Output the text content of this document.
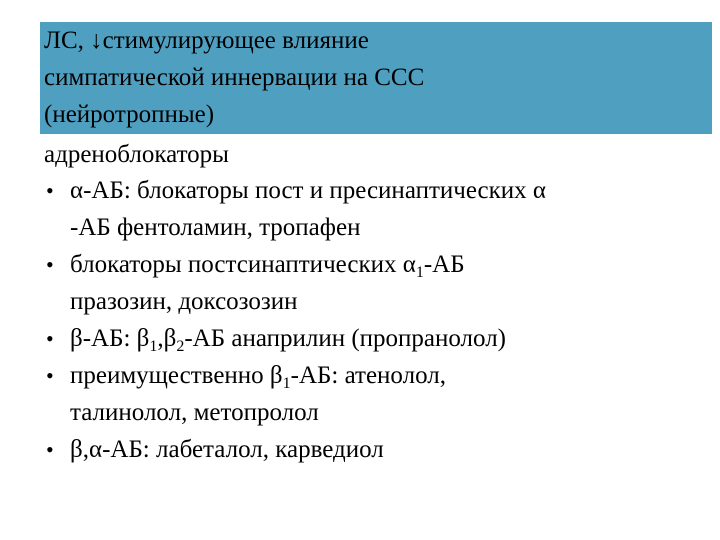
ЛС, ↓стимулирующее влияние
симпатической иннервации на ССС
(нейротропные)
адреноблокаторы
• α-АБ: блокаторы пост и пресинаптических α
-АБ фентоламин, тропафен
• блокаторы постсинаптических $\alpha_1-АБ$
празозин, доксозозин
• β-АБ: $\beta_1,\beta_2-АБ$ анаприлин (пропранолол)
• преимущественно $\beta_1-АБ$: атенолол,
талинолол, метопролол
• β,α-АБ: лабеталол, карведиол
